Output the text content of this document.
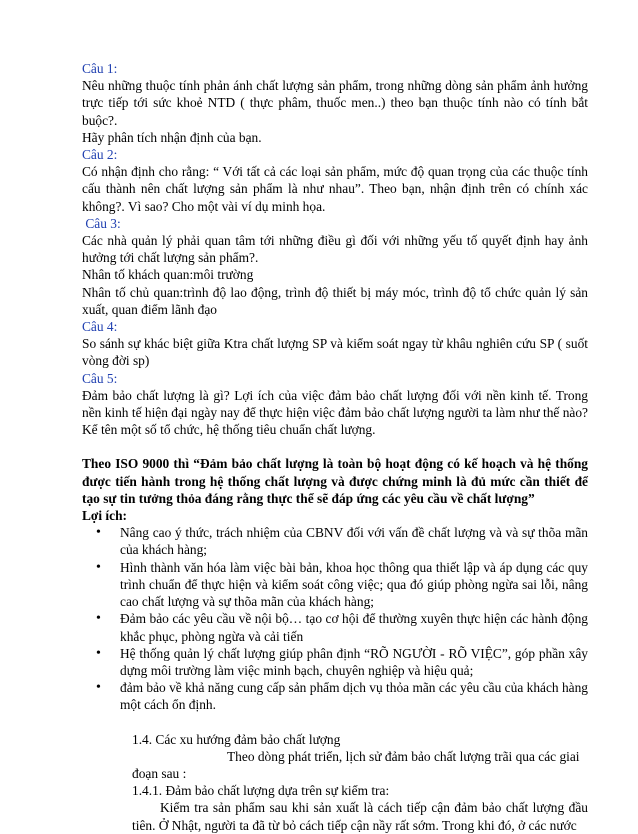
Câu 1:

Nêu những thuộc tính phản ánh chất lượng sản phẩm, trong những dòng sản phẩm ảnh hưởng trực tiếp tới sức khoẻ NTD ( thực phâm, thuốc men..) theo bạn thuộc tính nào có tính bắt buộc?.

Hãy phân tích nhận định của bạn.

Câu 2:

Có nhận định cho rằng: “ Với tất cả các loại sản phẩm, mức độ quan trọng của các thuộc tính cấu thành nên chất lượng sản phẩm là như nhau”. Theo bạn, nhận định trên có chính xác không?. Vì sao? Cho một vài ví dụ minh họa.

Câu 3:

Các nhà quản lý phải quan tâm tới những điều gì đối với những yếu tố quyết định hay ảnh hưởng tới chất lượng sản phẩm?.

Nhân tố khách quan:môi trường

Nhân tố chủ quan:trình độ lao động, trình độ thiết bị máy móc, trình độ tổ chức quản lý sản xuất, quan điểm lãnh đạo

Câu 4:

So sánh sự khác biệt giữa Ktra chất lượng SP và kiểm soát ngay từ khâu nghiên cứu SP ( suốt vòng đời sp)

Câu 5:

Đảm bảo chất lượng là gì? Lợi ích của việc đảm bảo chất lượng đối với nền kinh tế. Trong nền kinh tế hiện đại ngày nay để thực hiện việc đảm bảo chất lượng người ta làm như thế nào? Kể tên một số tổ chức, hệ thống tiêu chuẩn chất lượng.

Theo ISO 9000 thì “Đảm bảo chất lượng là toàn bộ hoạt động có kế hoạch và hệ thống được tiến hành trong hệ thống chất lượng và được chứng minh là đủ mức cần thiết để tạo sự tin tưởng thỏa đáng rằng thực thể sẽ đáp ứng các yêu cầu về chất lượng”

Lợi ích:

• Nâng cao ý thức, trách nhiệm của CBNV đối với vấn đề chất lượng và và sự thõa mãn của khách hàng;
• Hình thành văn hóa làm việc bài bản, khoa học thông qua thiết lập và áp dụng các quy trình chuẩn để thực hiện và kiểm soát công việc; qua đó giúp phòng ngừa sai lỗi, nâng cao chất lượng và sự thõa mãn của khách hàng;
• Đảm bảo các yêu cầu về nội bộ… tạo cơ hội để thường xuyên thực hiện các hành động khắc phục, phòng ngừa và cải tiến
• Hệ thống quản lý chất lượng giúp phân định “RÕ NGƯỜI - RÕ VIỆC”, góp phần xây dựng môi trường làm việc minh bạch, chuyên nghiệp và hiệu quả;
• đảm bảo về khả năng cung cấp sản phẩm dịch vụ thỏa mãn các yêu cầu của khách hàng một cách ổn định.

1.4. Các xu hướng đảm bảo chất lượng

Theo dòng phát triển, lịch sử đảm bảo chất lượng trãi qua các giai

đoạn sau :

1.4.1. Đảm bảo chất lượng dựa trên sự kiểm tra:

Kiểm tra sản phẩm sau khi sản xuất là cách tiếp cận đảm bảo chất lượng đầu tiên. Ở Nhật, người ta đã từ bỏ cách tiếp cận nầy rất sớm. Trong khi đó, ở các nước
